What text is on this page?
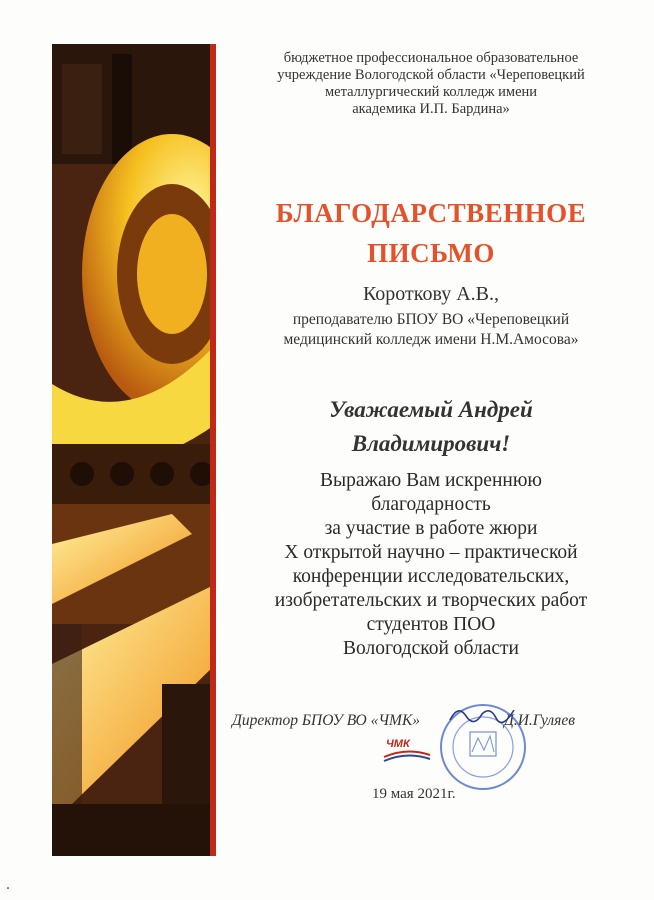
бюджетное профессиональное образовательное
учреждение Вологодской области «Череповецкий
металлургический колледж имени
академика И.П. Бардина»
БЛАГОДАРСТВЕННОЕ
ПИСЬМО
Короткову А.В.,
преподавателю БПОУ ВО «Череповецкий
медицинский колледж имени Н.М.Амосова»
Уважаемый Андрей
Владимирович!
Выражаю Вам искреннюю
благодарность
за участие в работе жюри
Х открытой научно – практической
конференции исследовательских,
изобретательских и творческих работ
студентов ПОО
Вологодской области
Директор БПОУ ВО «ЧМК»	Д.И.Гуляев
ЧМК
19 мая 2021г.
.
